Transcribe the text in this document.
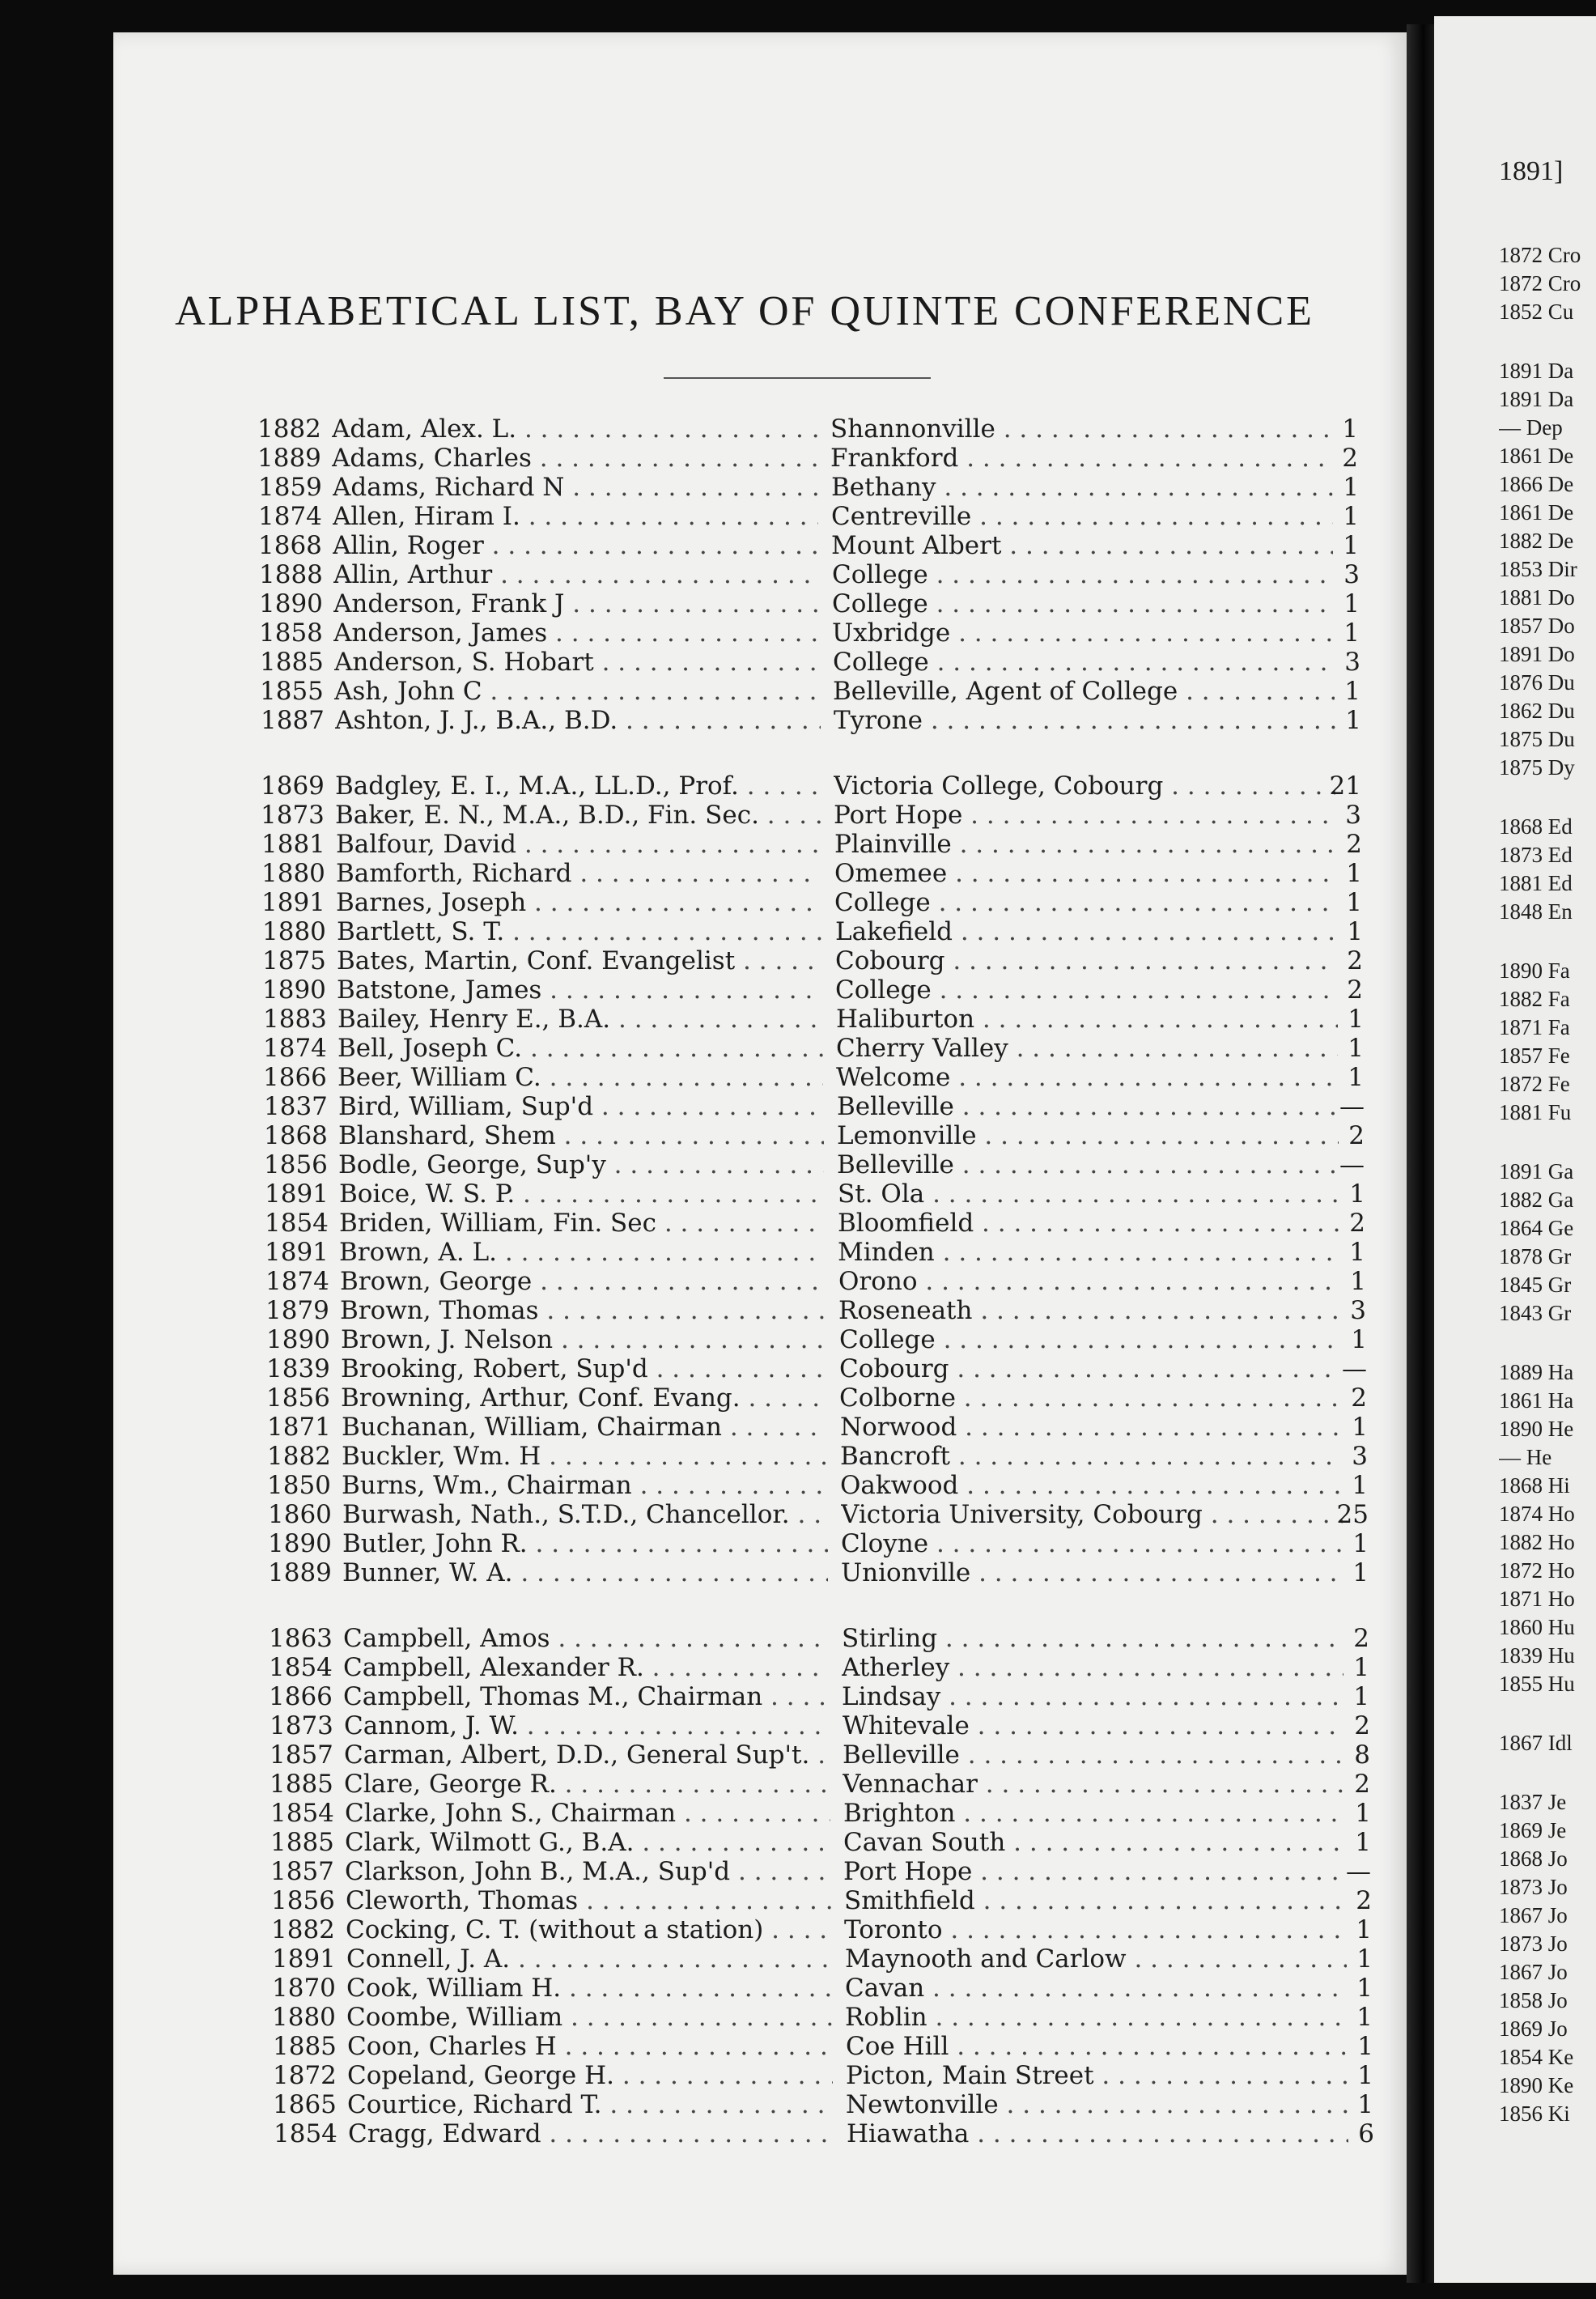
ALPHABETICAL LIST, BAY OF QUINTE CONFERENCE
1882 Adam, Alex. L. . . .	Shannonville . . .	1
1889 Adams, Charles . . .	Frankford . . .	2
1859 Adams, Richard N . . .	Bethany . . .	1
1874 Allen, Hiram I. . . .	Centreville . . .	1
1868 Allin, Roger . . .	Mount Albert . . .	1
1888 Allin, Arthur . . .	College . . .	3
1890 Anderson, Frank J . . .	College . . .	1
1858 Anderson, James . . .	Uxbridge . . .	1
1885 Anderson, S. Hobart . . .	College . . .	3
1855 Ash, John C . . .	Belleville, Agent of College . . .	1
1887 Ashton, J. J., B.A., B.D. . . .	Tyrone . . .	1
1869 Badgley, E. I., M.A., LL.D., Prof. . . .	Victoria College, Cobourg . . .	21
1873 Baker, E. N., M.A., B.D., Fin. Sec. . . .	Port Hope . . .	3
1881 Balfour, David . . .	Plainville . . .	2
1880 Bamforth, Richard . . .	Omemee . . .	1
1891 Barnes, Joseph . . .	College . . .	1
1880 Bartlett, S. T. . . .	Lakefield . . .	1
1875 Bates, Martin, Conf. Evangelist . . .	Cobourg . . .	2
1890 Batstone, James . . .	College . . .	2
1883 Bailey, Henry E., B.A. . . .	Haliburton . . .	1
1874 Bell, Joseph C. . . .	Cherry Valley . . .	1
1866 Beer, William C. . . .	Welcome . . .	1
1837 Bird, William, Sup'd . . .	Belleville . . .	—
1868 Blanshard, Shem . . .	Lemonville . . .	2
1856 Bodle, George, Sup'y . . .	Belleville . . .	—
1891 Boice, W. S. P. . . .	St. Ola . . .	1
1854 Briden, William, Fin. Sec . . .	Bloomfield . . .	2
1891 Brown, A. L. . . .	Minden . . .	1
1874 Brown, George . . .	Orono . . .	1
1879 Brown, Thomas . . .	Roseneath . . .	3
1890 Brown, J. Nelson . . .	College . . .	1
1839 Brooking, Robert, Sup'd . . .	Cobourg . . .	—
1856 Browning, Arthur, Conf. Evang. . . .	Colborne . . .	2
1871 Buchanan, William, Chairman . . .	Norwood . . .	1
1882 Buckler, Wm. H . . .	Bancroft . . .	3
1850 Burns, Wm., Chairman . . .	Oakwood . . .	1
1860 Burwash, Nath., S.T.D., Chancellor. . . .	Victoria University, Cobourg . . .	25
1890 Butler, John R. . . .	Cloyne . . .	1
1889 Bunner, W. A. . . .	Unionville . . .	1
1863 Campbell, Amos . . .	Stirling . . .	2
1854 Campbell, Alexander R. . . .	Atherley . . .	1
1866 Campbell, Thomas M., Chairman . . .	Lindsay . . .	1
1873 Cannom, J. W. . . .	Whitevale . . .	2
1857 Carman, Albert, D.D., General Sup't. . . .	Belleville . . .	8
1885 Clare, George R. . . .	Vennachar . . .	2
1854 Clarke, John S., Chairman . . .	Brighton . . .	1
1885 Clark, Wilmott G., B.A. . . .	Cavan South . . .	1
1857 Clarkson, John B., M.A., Sup'd . . .	Port Hope . . .	—
1856 Cleworth, Thomas . . .	Smithfield . . .	2
1882 Cocking, C. T. (without a station) . . .	Toronto . . .	1
1891 Connell, J. A. . . .	Maynooth and Carlow . . .	1
1870 Cook, William H. . . .	Cavan . . .	1
1880 Coombe, William . . .	Roblin . . .	1
1885 Coon, Charles H . . .	Coe Hill . . .	1
1872 Copeland, George H. . . .	Picton, Main Street . . .	1
1865 Courtice, Richard T. . . .	Newtonville . . .	1
1854 Cragg, Edward . . .	Hiawatha . . .	6
1891]
1872 Cro
1872 Cro
1852 Cu
1891 Da
1891 Da
— Dep
1861 De
1866 De
1861 De
1882 De
1853 Dir
1881 Do
1857 Do
1891 Do
1876 Du
1862 Du
1875 Du
1875 Dy
1868 Ed
1873 Ed
1881 Ed
1848 En
1890 Fa
1882 Fa
1871 Fa
1857 Fe
1872 Fe
1881 Fu
1891 Ga
1882 Ga
1864 Ge
1878 Gr
1845 Gr
1843 Gr
1889 Ha
1861 Ha
1890 He
— He
1868 Hi
1874 Ho
1882 Ho
1872 Ho
1871 Ho
1860 Hu
1839 Hu
1855 Hu
1867 Idl
1837 Je
1869 Je
1868 Jo
1873 Jo
1867 Jo
1873 Jo
1867 Jo
1858 Jo
1869 Jo
1854 Ke
1890 Ke
1856 Ki
